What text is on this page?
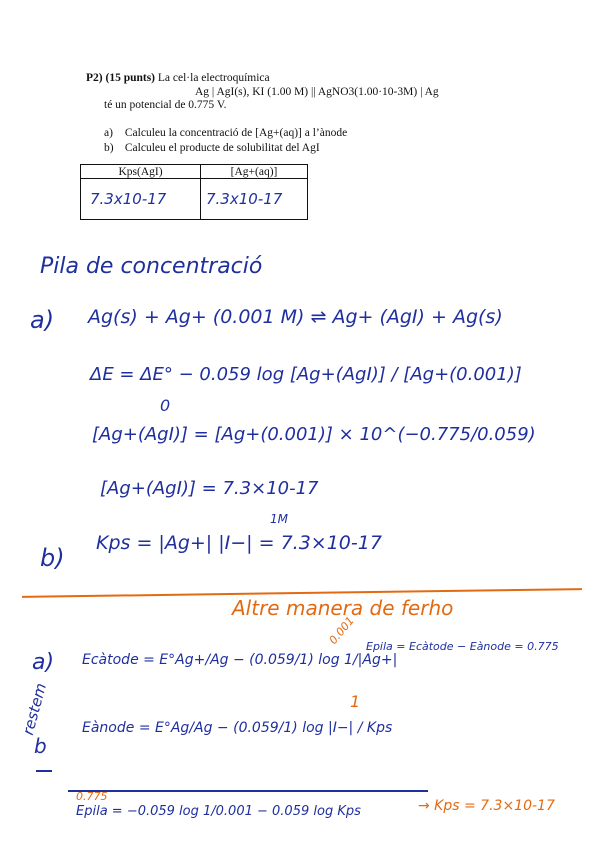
P2) (15 punts) La cel·la electroquímica
Ag | AgI(s), KI (1.00 M) || AgNO3(1.00·10-3M) | Ag
té un potencial de 0.775 V.
a) Calculeu la concentració de [Ag+(aq)] a l’ànode
b) Calculeu el producte de solubilitat del AgI
Kps(AgI)	[Ag+(aq)]

7.3x10-17	7.3x10-17
Pila de concentració
a) Ag(s) + Ag+ (0.001 M) ⇌ Ag+ (AgI) + Ag(s)
ΔE = ΔE° − 0.059 log [Ag+(AgI)] / [Ag+(0.001)]
0
[Ag+(AgI)] = [Ag+(0.001)] × 10^(−0.775/0.059)
[Ag+(AgI)] = 7.3×10-17
b)
Kps = |Ag+| |I−| = 7.3×10-17
1M
Altre manera de ferho
a) Ecàtode = E°Ag+/Ag − (0.059/1) log 1/|Ag+|
0.001 Epila = Ecàtode − Eànode = 0.775
restem
b
Eànode = E°Ag/Ag − (0.059/1) log |I−| / Kps
1
0.775
Epila = −0.059 log 1/0.001 − 0.059 log Kps	→ Kps = 7.3×10-17
